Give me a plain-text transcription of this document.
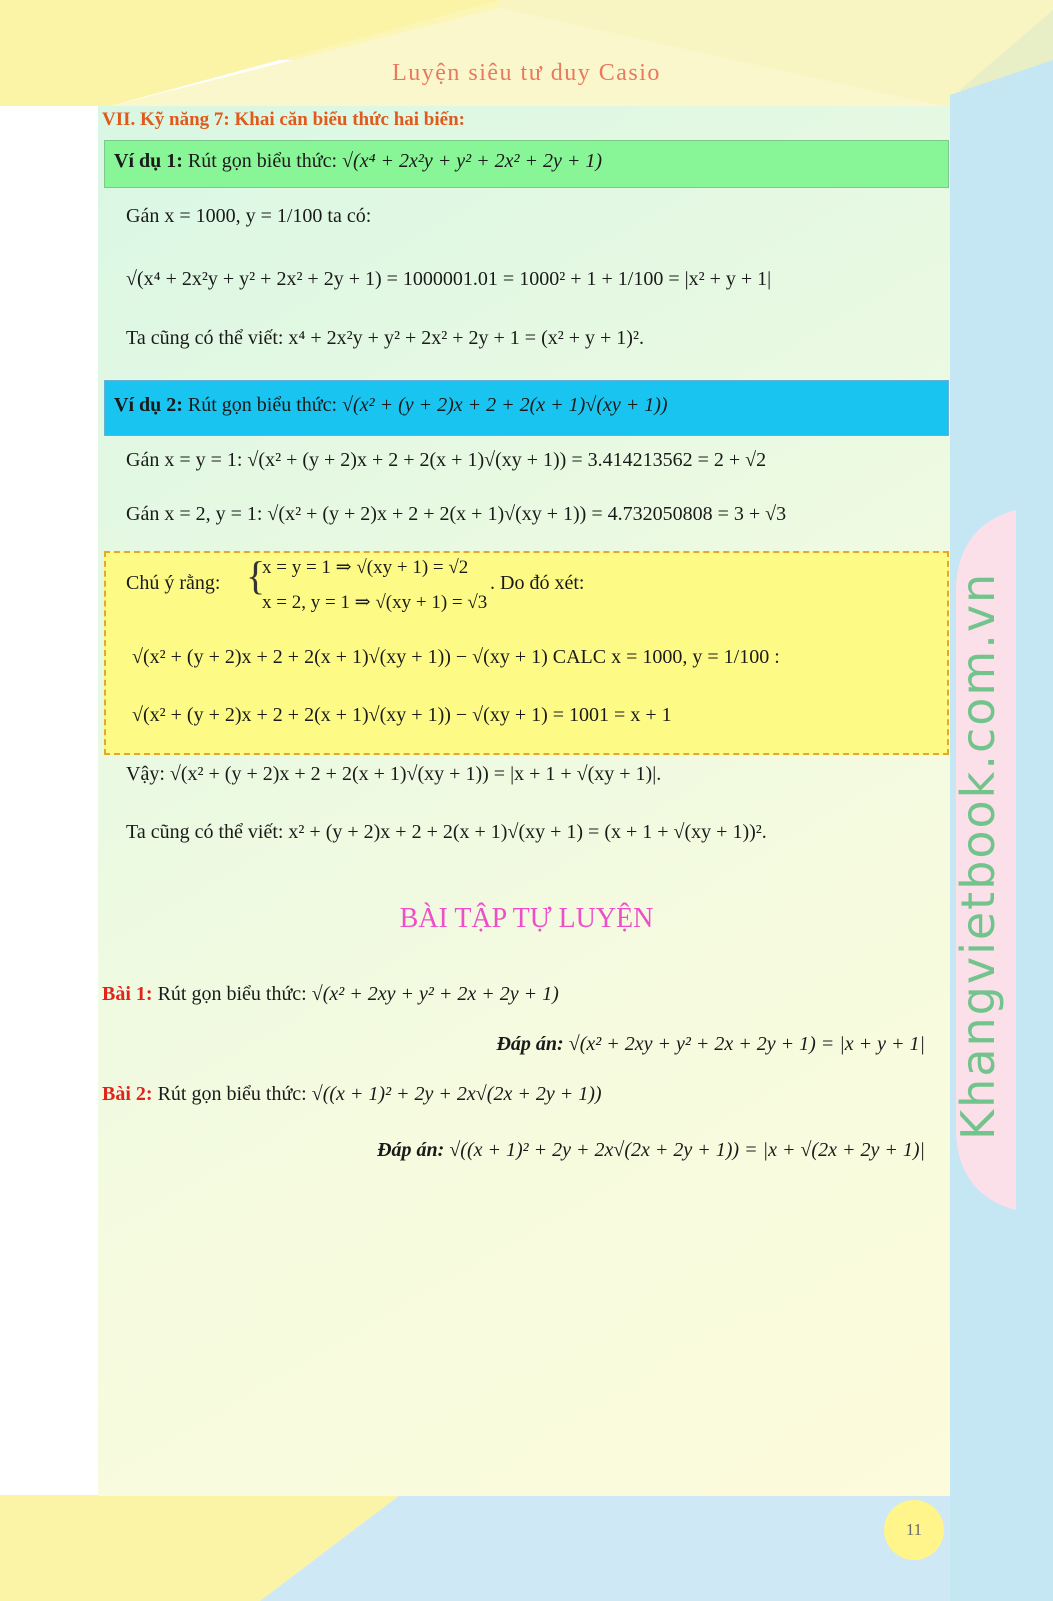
Khangvietbook.com.vn
Luyện siêu tư duy Casio
VII. Kỹ năng 7: Khai căn biểu thức hai biến:
Ví dụ 1: Rút gọn biểu thức: √(x⁴ + 2x²y + y² + 2x² + 2y + 1)
Gán x = 1000, y = 1/100 ta có:
√(x⁴ + 2x²y + y² + 2x² + 2y + 1) = 1000001.01 = 1000² + 1 + 1/100 = |x² + y + 1|
Ta cũng có thể viết: x⁴ + 2x²y + y² + 2x² + 2y + 1 = (x² + y + 1)².
Ví dụ 2: Rút gọn biểu thức: √(x² + (y + 2)x + 2 + 2(x + 1)√(xy + 1))
Gán x = y = 1: √(x² + (y + 2)x + 2 + 2(x + 1)√(xy + 1)) = 3.414213562 = 2 + √2
Gán x = 2, y = 1: √(x² + (y + 2)x + 2 + 2(x + 1)√(xy + 1)) = 4.732050808 = 3 + √3
Chú ý rằng: {
x = y = 1 ⇒ √(xy + 1) = √2
x = 2, y = 1 ⇒ √(xy + 1) = √3
. Do đó xét:
√(x² + (y + 2)x + 2 + 2(x + 1)√(xy + 1)) − √(xy + 1) CALC x = 1000, y = 1/100 :
√(x² + (y + 2)x + 2 + 2(x + 1)√(xy + 1)) − √(xy + 1) = 1001 = x + 1
Vậy: √(x² + (y + 2)x + 2 + 2(x + 1)√(xy + 1)) = |x + 1 + √(xy + 1)|.
Ta cũng có thể viết: x² + (y + 2)x + 2 + 2(x + 1)√(xy + 1) = (x + 1 + √(xy + 1))².
BÀI TẬP TỰ LUYỆN
Bài 1: Rút gọn biểu thức: √(x² + 2xy + y² + 2x + 2y + 1)
Đáp án: √(x² + 2xy + y² + 2x + 2y + 1) = |x + y + 1|
Bài 2: Rút gọn biểu thức: √((x + 1)² + 2y + 2x√(2x + 2y + 1))
Đáp án: √((x + 1)² + 2y + 2x√(2x + 2y + 1)) = |x + √(2x + 2y + 1)|
11
